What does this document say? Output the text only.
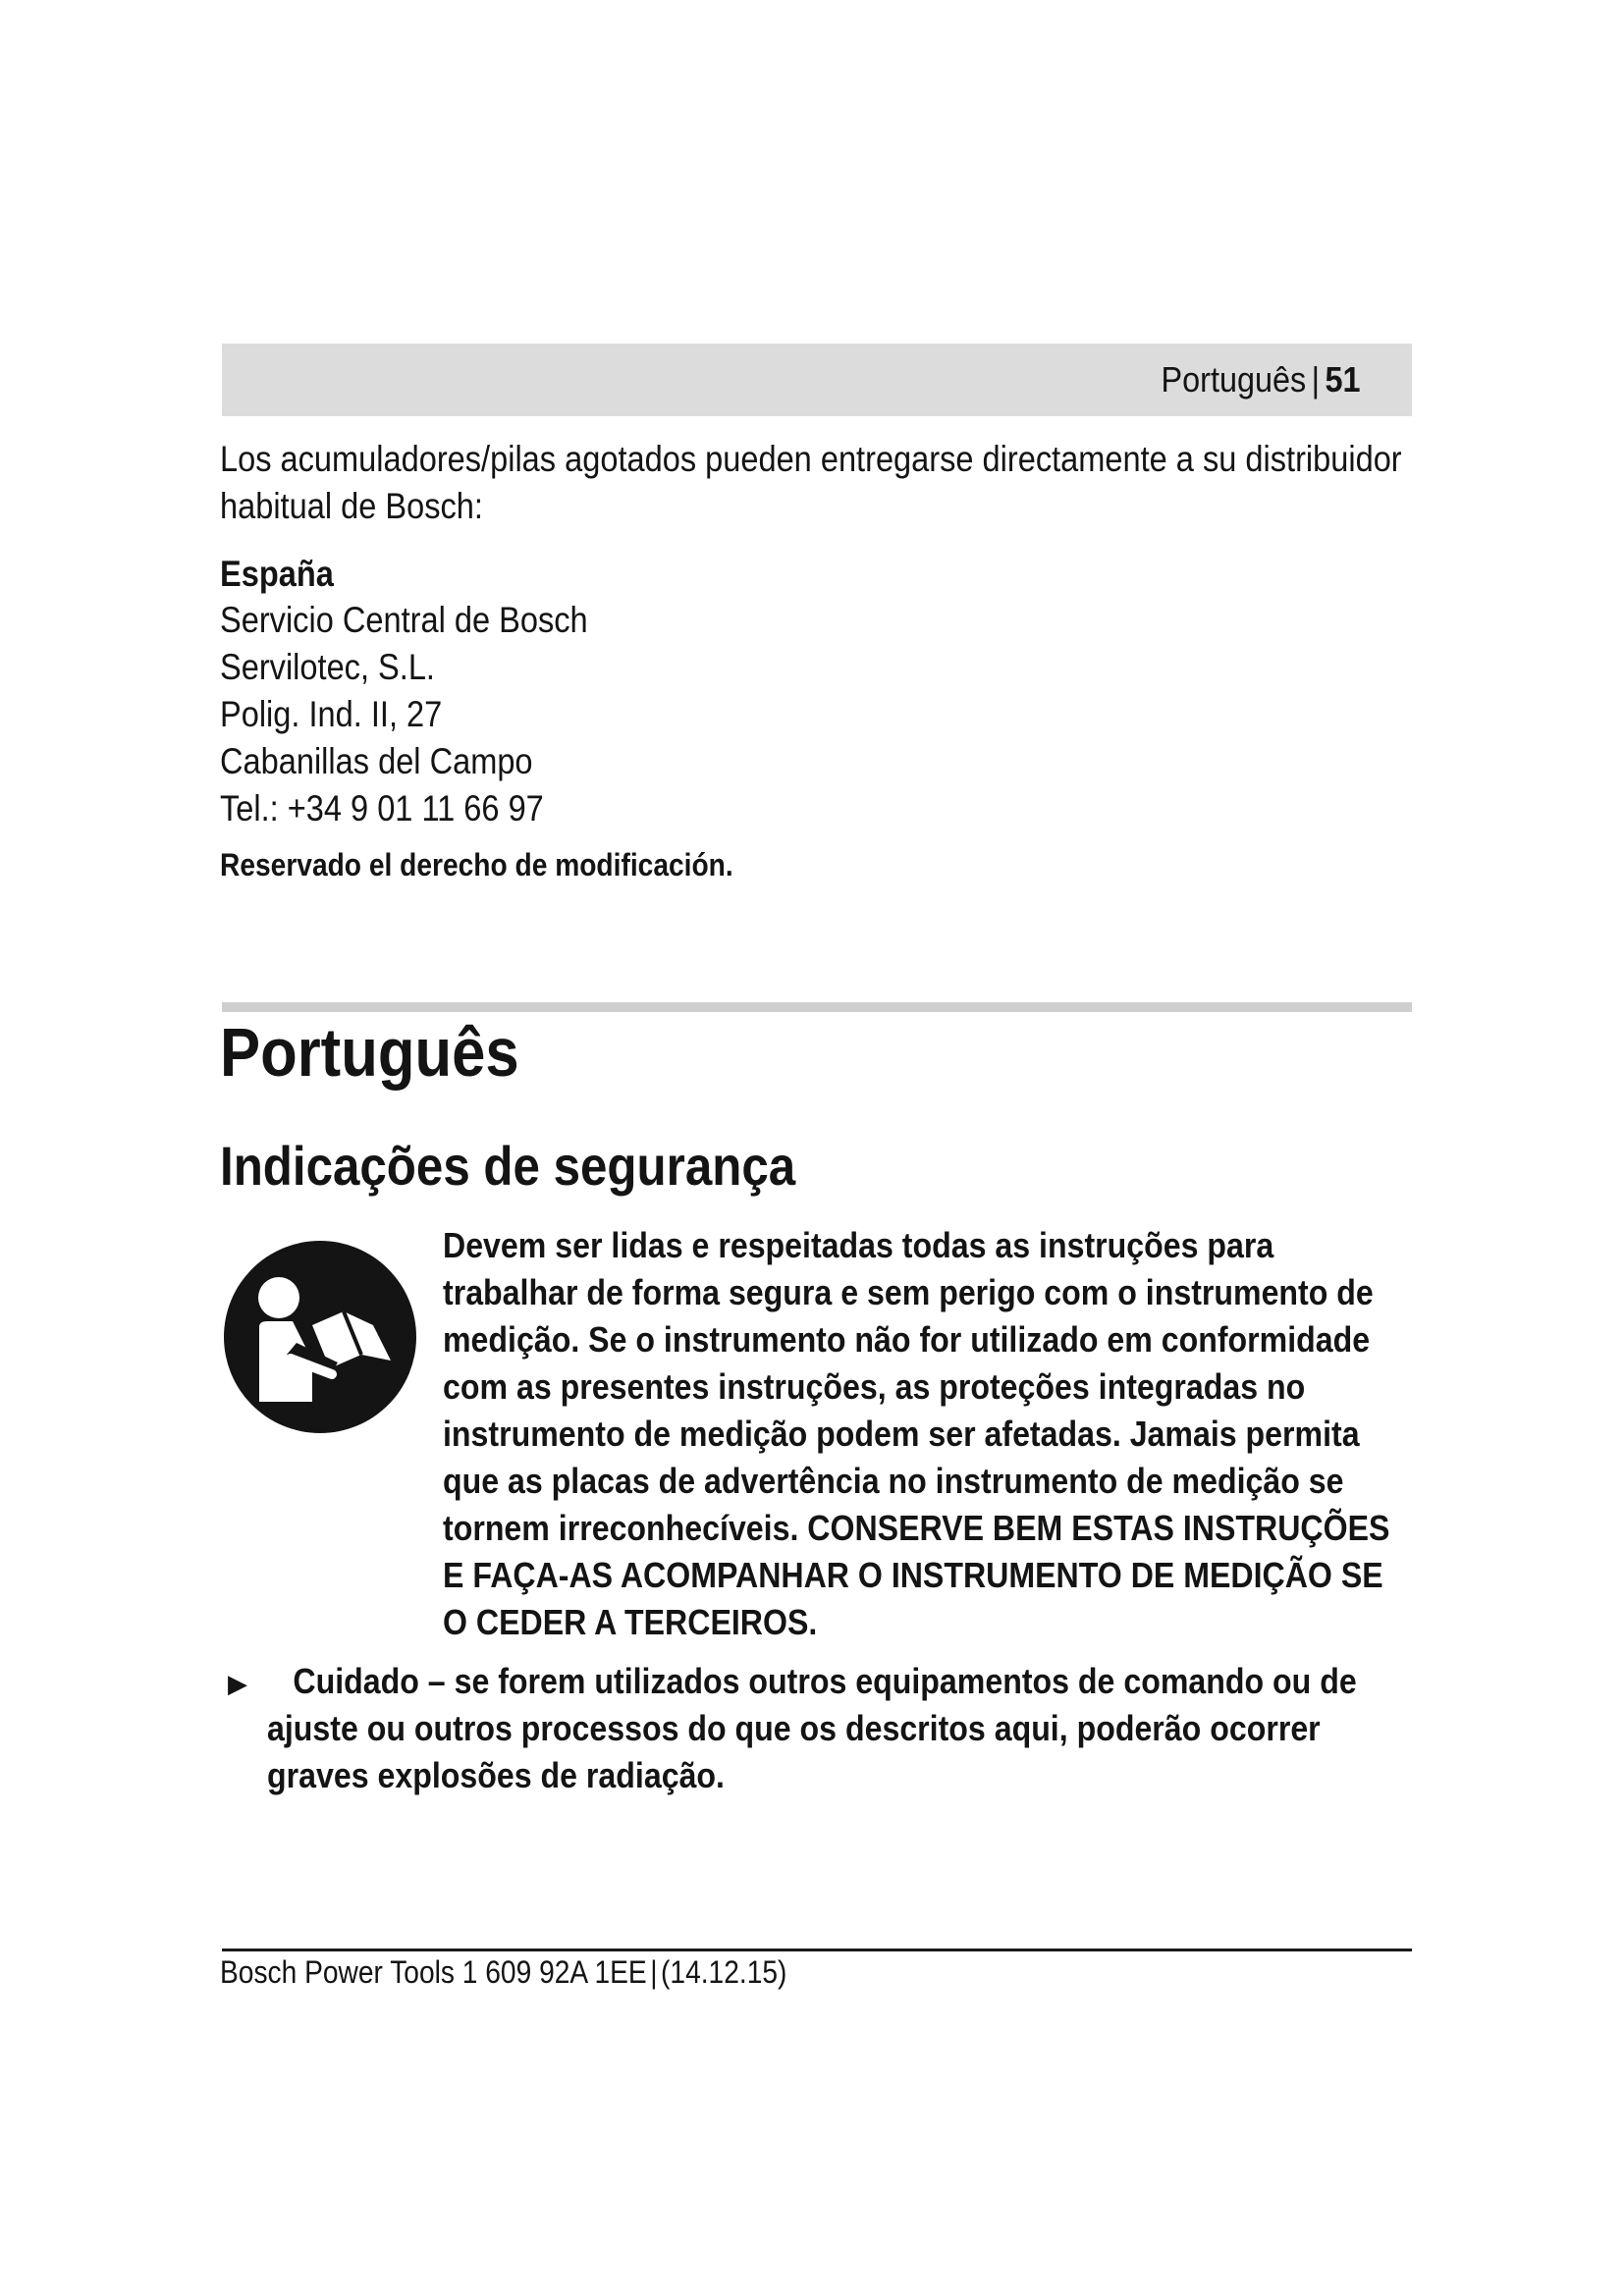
Português | 51

Los acumuladores/pilas agotados pueden entregarse directamente a su distribuidor habitual de Bosch:

España

Servicio Central de Bosch
Servilotec, S.L.
Polig. Ind. II, 27
Cabanillas del Campo
Tel.: +34 9 01 11 66 97

Reservado el derecho de modificación.

Português
Indicações de segurança

Devem ser lidas e respeitadas todas as instruções para trabalhar de forma segura e sem perigo com o instrumento de medição. Se o instrumento não for utilizado em conformidade com as presentes instruções, as proteções integradas no instrumento de medição podem ser afetadas. Jamais permita que as placas de advertência no instrumento de medição se tornem irreconhecíveis. CONSERVE BEM ESTAS INSTRUÇÕES E FAÇA-AS ACOMPANHAR O INSTRUMENTO DE MEDIÇÃO SE O CEDER A TERCEIROS.

▶	Cuidado – se forem utilizados outros equipamentos de comando ou de ajuste ou outros processos do que os descritos aqui, poderão ocorrer graves explosões de radiação.

Bosch Power Tools 1 609 92A 1EE | (14.12.15)
